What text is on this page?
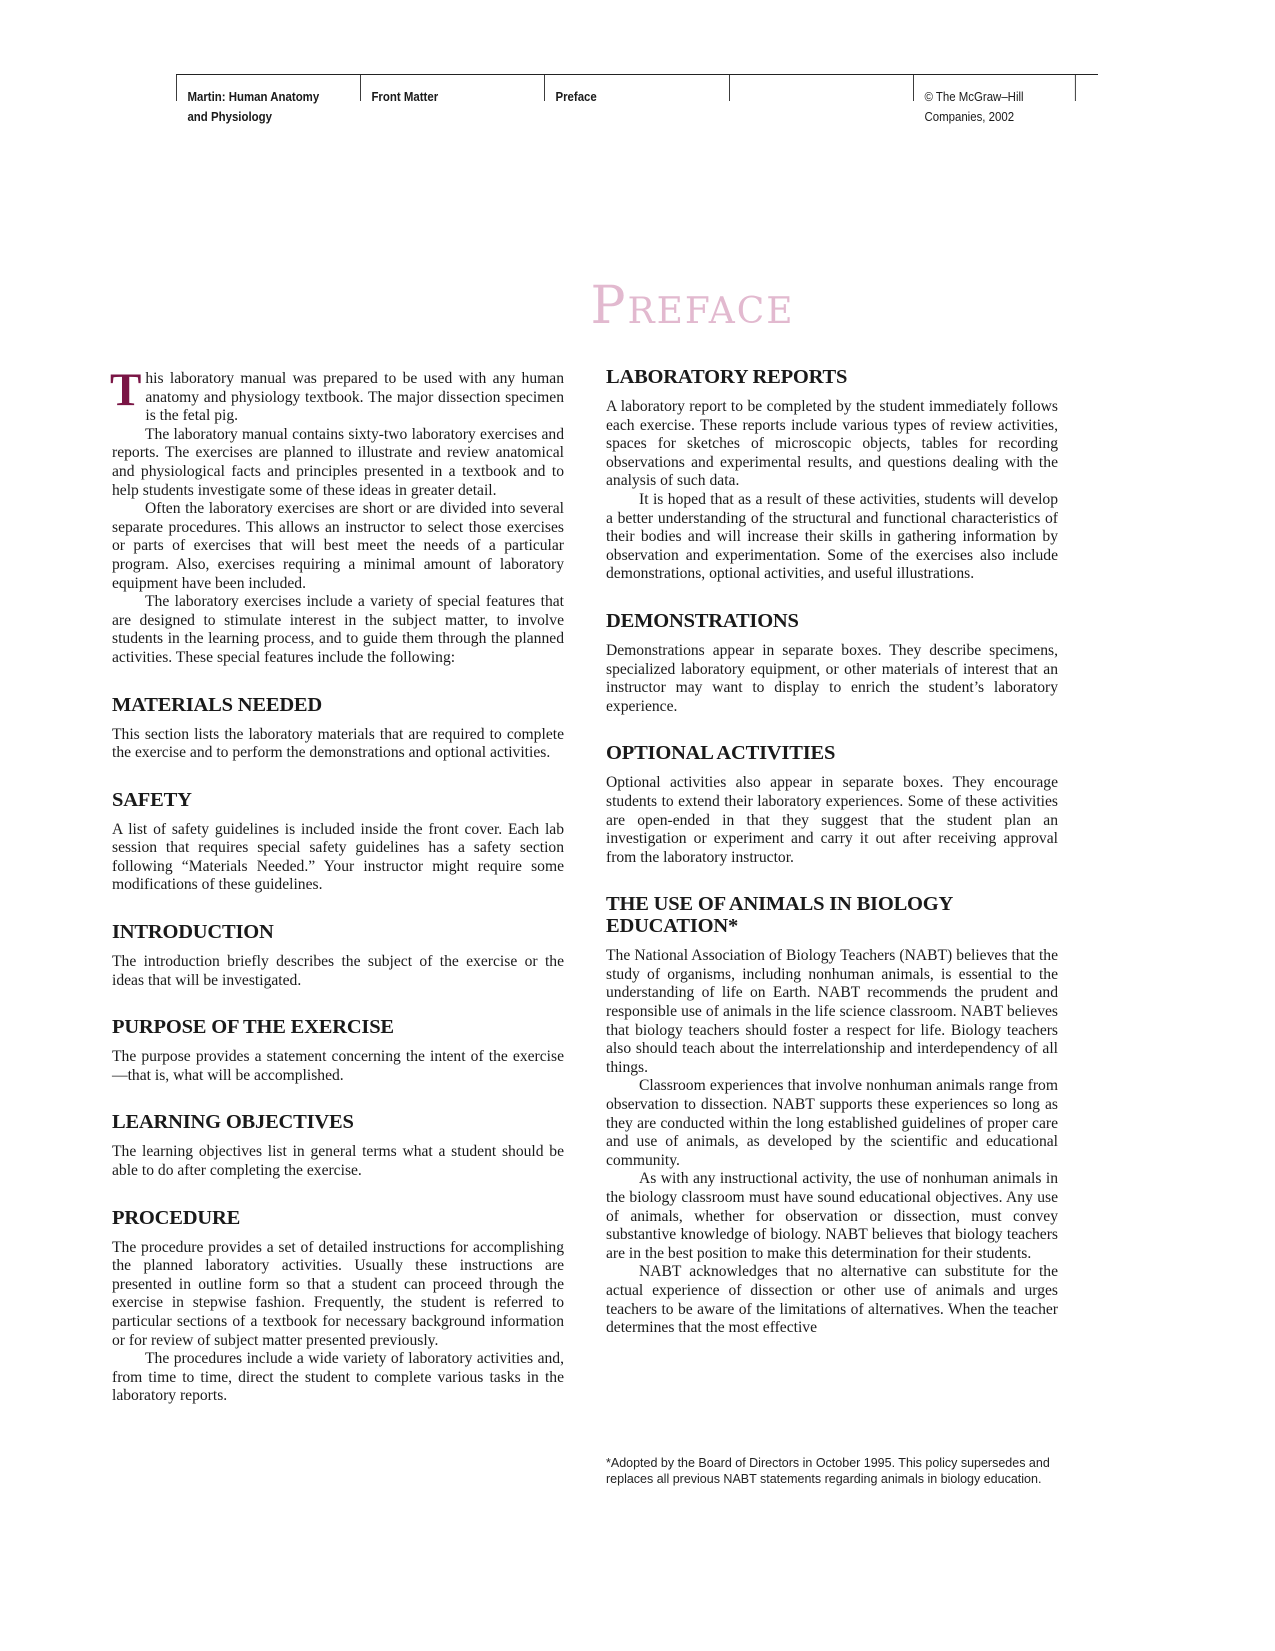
Martin: Human Anatomy
and Physiology
Front Matter	Preface	© The McGraw–Hill
Companies, 2002
Preface

This laboratory manual was prepared to be used with any human anatomy and physiology textbook. The major dissection specimen is the fetal pig.

The laboratory manual contains sixty-two laboratory exercises and reports. The exercises are planned to illustrate and review anatomical and physiological facts and principles presented in a textbook and to help students investigate some of these ideas in greater detail.

Often the laboratory exercises are short or are divided into several separate procedures. This allows an instructor to select those exercises or parts of exercises that will best meet the needs of a particular program. Also, exercises requiring a minimal amount of laboratory equipment have been included.

The laboratory exercises include a variety of special features that are designed to stimulate interest in the subject matter, to involve students in the learning process, and to guide them through the planned activities. These special features include the following:

MATERIALS NEEDED

This section lists the laboratory materials that are required to complete the exercise and to perform the demonstrations and optional activities.

SAFETY

A list of safety guidelines is included inside the front cover. Each lab session that requires special safety guidelines has a safety section following “Materials Needed.” Your instructor might require some modifications of these guidelines.

INTRODUCTION

The introduction briefly describes the subject of the exercise or the ideas that will be investigated.

PURPOSE OF THE EXERCISE

The purpose provides a statement concerning the intent of the exercise—that is, what will be accomplished.

LEARNING OBJECTIVES

The learning objectives list in general terms what a student should be able to do after completing the exercise.

PROCEDURE

The procedure provides a set of detailed instructions for accomplishing the planned laboratory activities. Usually these instructions are presented in outline form so that a student can proceed through the exercise in stepwise fashion. Frequently, the student is referred to particular sections of a textbook for necessary background information or for review of subject matter presented previously.

The procedures include a wide variety of laboratory activities and, from time to time, direct the student to complete various tasks in the laboratory reports.

LABORATORY REPORTS

A laboratory report to be completed by the student immediately follows each exercise. These reports include various types of review activities, spaces for sketches of microscopic objects, tables for recording observations and experimental results, and questions dealing with the analysis of such data.

It is hoped that as a result of these activities, students will develop a better understanding of the structural and functional characteristics of their bodies and will increase their skills in gathering information by observation and experimentation. Some of the exercises also include demonstrations, optional activities, and useful illustrations.

DEMONSTRATIONS

Demonstrations appear in separate boxes. They describe specimens, specialized laboratory equipment, or other materials of interest that an instructor may want to display to enrich the student’s laboratory experience.

OPTIONAL ACTIVITIES

Optional activities also appear in separate boxes. They encourage students to extend their laboratory experiences. Some of these activities are open-ended in that they suggest that the student plan an investigation or experiment and carry it out after receiving approval from the laboratory instructor.

THE USE OF ANIMALS IN BIOLOGY EDUCATION*

The National Association of Biology Teachers (NABT) believes that the study of organisms, including nonhuman animals, is essential to the understanding of life on Earth. NABT recommends the prudent and responsible use of animals in the life science classroom. NABT believes that biology teachers should foster a respect for life. Biology teachers also should teach about the interrelationship and interdependency of all things.

Classroom experiences that involve nonhuman animals range from observation to dissection. NABT supports these experiences so long as they are conducted within the long established guidelines of proper care and use of animals, as developed by the scientific and educational community.

As with any instructional activity, the use of nonhuman animals in the biology classroom must have sound educational objectives. Any use of animals, whether for observation or dissection, must convey substantive knowledge of biology. NABT believes that biology teachers are in the best position to make this determination for their students.

NABT acknowledges that no alternative can substitute for the actual experience of dissection or other use of animals and urges teachers to be aware of the limitations of alternatives. When the teacher determines that the most effective

*Adopted by the Board of Directors in October 1995. This policy supersedes and replaces all previous NABT statements regarding animals in biology education.
